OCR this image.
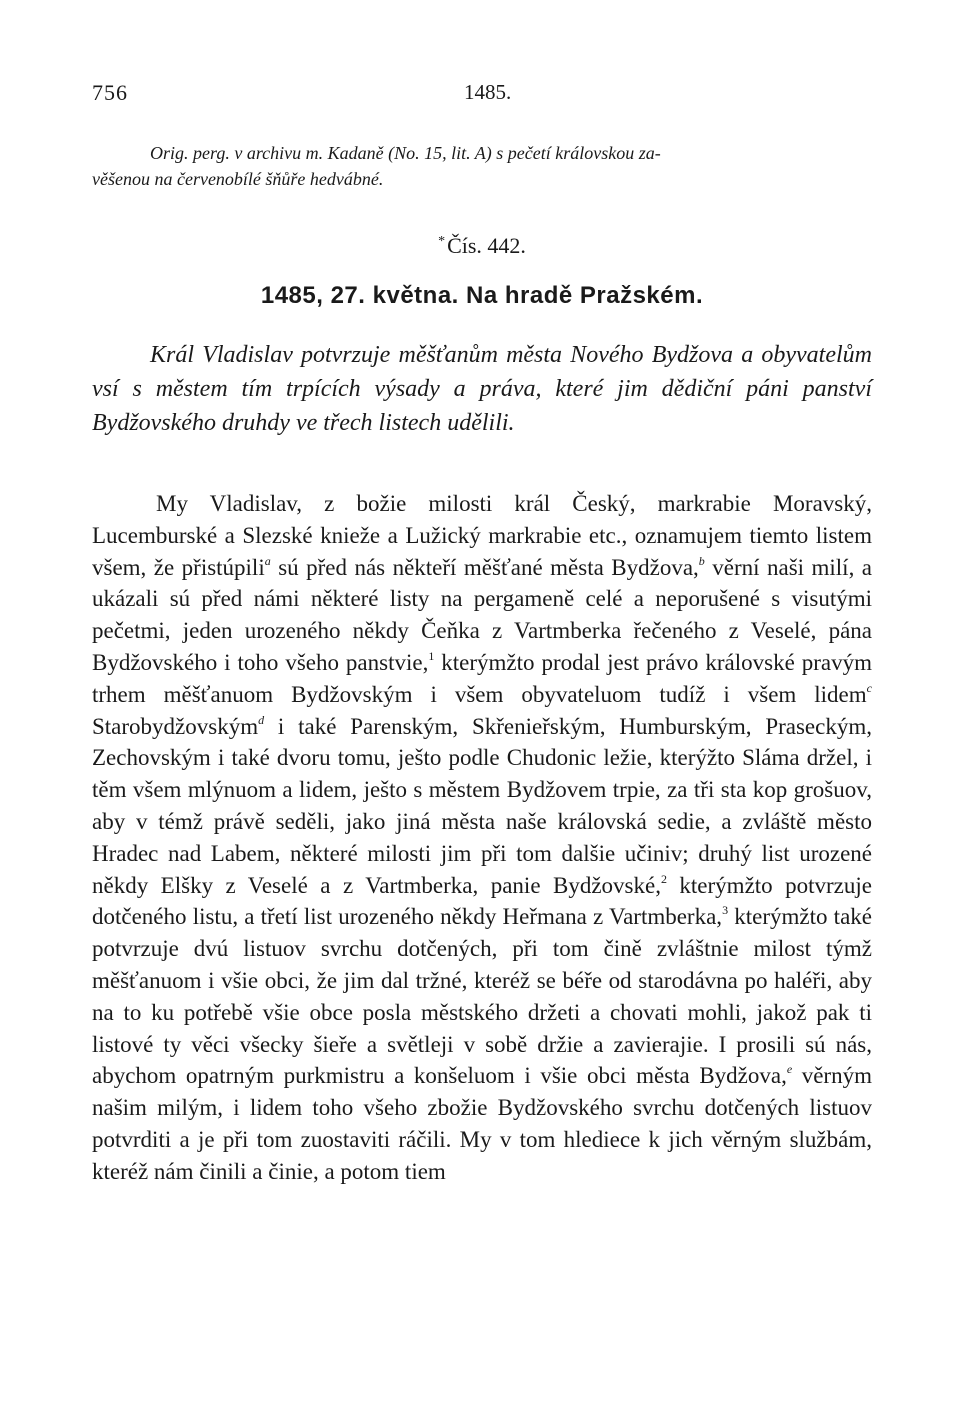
756	1485.
Orig. perg. v archivu m. Kadaně (No. 15, lit. A) s pečetí královskou za-
věšenou na červenobílé šňůře hedvábné.
*Čís. 442.
1485, 27. května. Na hradě Pražském.

Král Vladislav potvrzuje měšťanům města Nového Bydžova a obyvatelům vsí s městem tím trpících výsady a práva, které jim dědiční páni panství Bydžovského druhdy ve třech listech udělili.

My Vladislav, z božie milosti král Český, markrabie Moravský, Lucemburské a Slezské knieže a Lužický markrabie etc., oznamujem tiemto listem všem, že přistúpili$^a$ sú před nás někteří měšťané města Bydžova,$^b$ věrní naši milí, a ukázali sú před námi některé listy na pergameně celé a neporušené s visutými pečetmi, jeden urozeného někdy Čeňka z Vartmberka řečeného z Veselé, pána Bydžovského i toho všeho panstvie,$^1$ kterýmžto prodal jest právo královské pravým trhem měšťanuom Bydžovským i všem obyvateluom tudíž i všem lidem$^c$ Starobydžovským$^d$ i také Parenským, Skřenieřským, Humburským, Praseckým, Zechovským i také dvoru tomu, ješto podle Chudonic ležie, kterýžto Sláma držel, i těm všem mlýnuom a lidem, ješto s městem Bydžovem trpie, za tři sta kop grošuov, aby v témž právě seděli, jako jiná města naše královská sedie, a zvláště město Hradec nad Labem, některé milosti jim při tom dalšie učiniv; druhý list urozené někdy Elšky z Veselé a z Vartmberka, panie Bydžovské,$^2$ kterýmžto potvrzuje dotčeného listu, a třetí list urozeného někdy Heřmana z Vartmberka,$^3$ kterýmžto také potvrzuje dvú listuov svrchu dotčených, při tom čině zvláštnie milost týmž měšťanuom i všie obci, že jim dal tržné, kteréž se béře od starodávna po haléři, aby na to ku potřebě všie obce posla městského držeti a chovati mohli, jakož pak ti listové ty věci všecky šieře a světleji v sobě držie a zavierajie. I prosili sú nás, abychom opatrným purkmistru a konšeluom i všie obci města Bydžova,$^e$ věrným našim milým, i lidem toho všeho zbožie Bydžovského svrchu dotčených listuov potvrditi a je při tom zuostaviti ráčili. My v tom hlediece k jich věrným službám, kteréž nám činili a činie, a potom tiem
